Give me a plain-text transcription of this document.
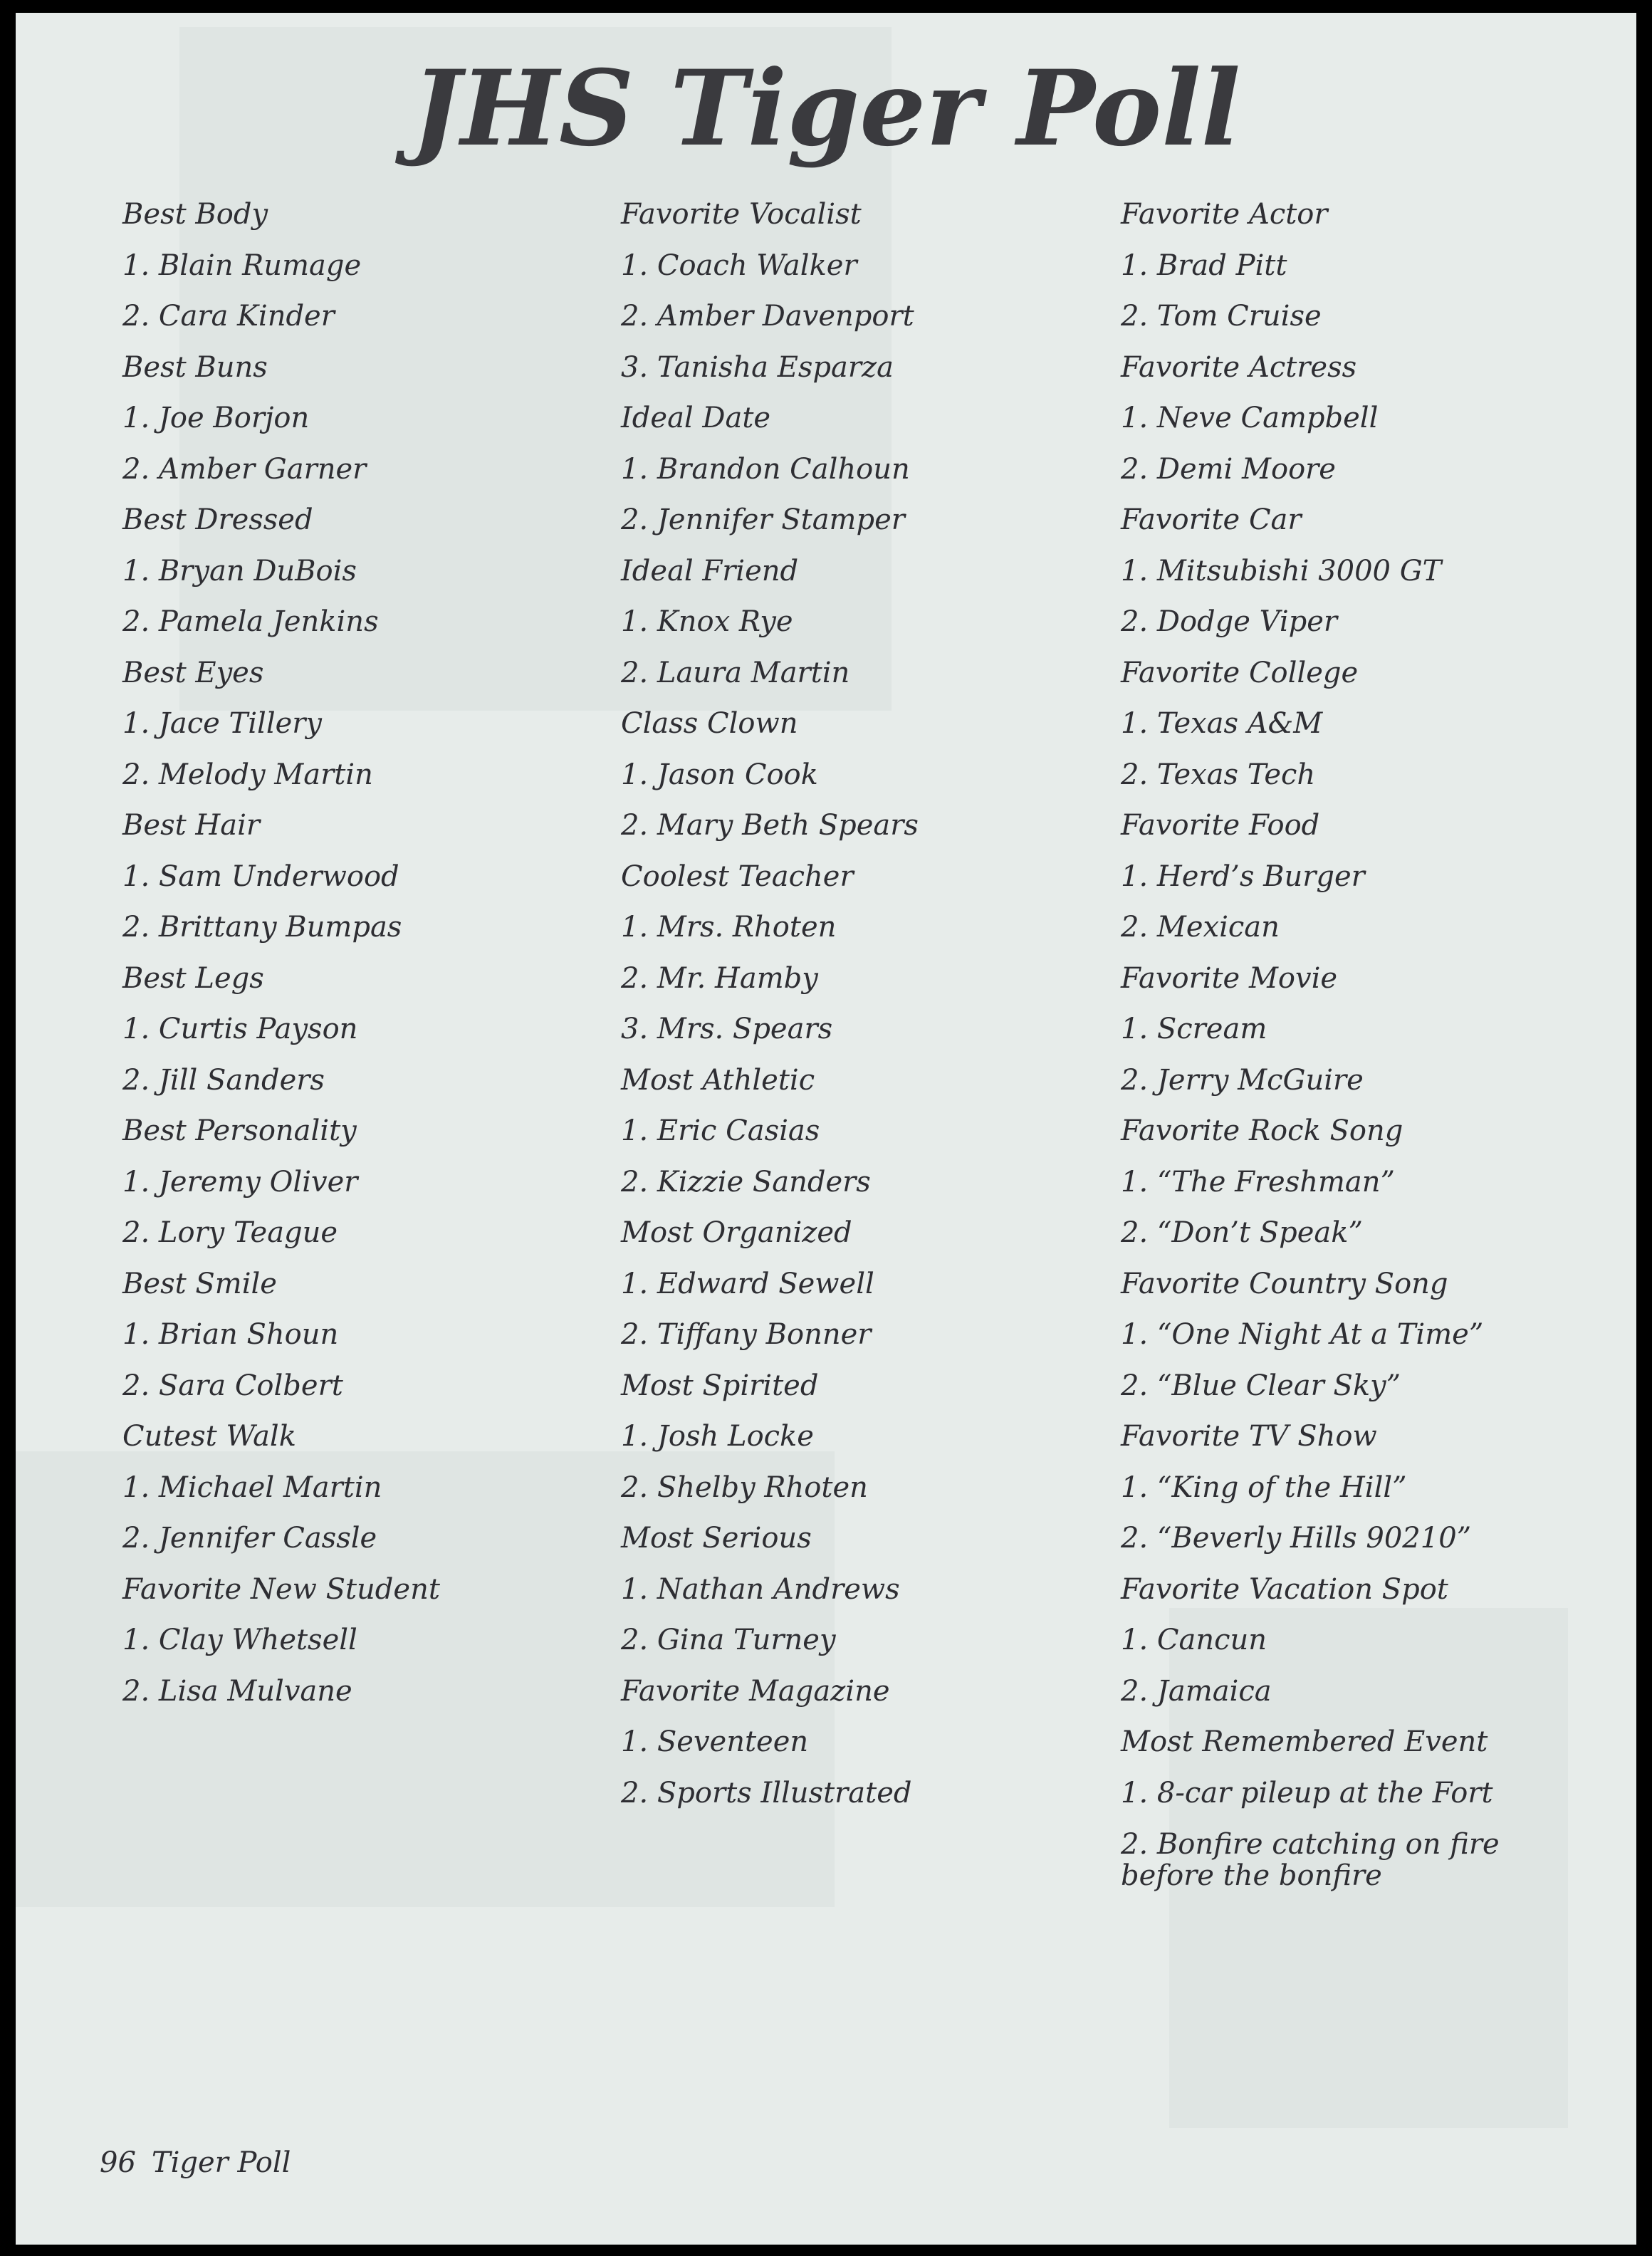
JHS Tiger Poll
Best Body
1. Blain Rumage
2. Cara Kinder
Best Buns
1. Joe Borjon
2. Amber Garner
Best Dressed
1. Bryan DuBois
2. Pamela Jenkins
Best Eyes
1. Jace Tillery
2. Melody Martin
Best Hair
1. Sam Underwood
2. Brittany Bumpas
Best Legs
1. Curtis Payson
2. Jill Sanders
Best Personality
1. Jeremy Oliver
2. Lory Teague
Best Smile
1. Brian Shoun
2. Sara Colbert
Cutest Walk
1. Michael Martin
2. Jennifer Cassle
Favorite New Student
1. Clay Whetsell
2. Lisa Mulvane
Favorite Vocalist
1. Coach Walker
2. Amber Davenport
3. Tanisha Esparza
Ideal Date
1. Brandon Calhoun
2. Jennifer Stamper
Ideal Friend
1. Knox Rye
2. Laura Martin
Class Clown
1. Jason Cook
2. Mary Beth Spears
Coolest Teacher
1. Mrs. Rhoten
2. Mr. Hamby
3. Mrs. Spears
Most Athletic
1. Eric Casias
2. Kizzie Sanders
Most Organized
1. Edward Sewell
2. Tiffany Bonner
Most Spirited
1. Josh Locke
2. Shelby Rhoten
Most Serious
1. Nathan Andrews
2. Gina Turney
Favorite Magazine
1. Seventeen
2. Sports Illustrated
Favorite Actor
1. Brad Pitt
2. Tom Cruise
Favorite Actress
1. Neve Campbell
2. Demi Moore
Favorite Car
1. Mitsubishi 3000 GT
2. Dodge Viper
Favorite College
1. Texas A&M
2. Texas Tech
Favorite Food
1. Herd’s Burger
2. Mexican
Favorite Movie
1. Scream
2. Jerry McGuire
Favorite Rock Song
1. “The Freshman”
2. “Don’t Speak”
Favorite Country Song
1. “One Night At a Time”
2. “Blue Clear Sky”
Favorite TV Show
1. “King of the Hill”
2. “Beverly Hills 90210”
Favorite Vacation Spot
1. Cancun
2. Jamaica
Most Remembered Event
1. 8-car pileup at the Fort
2. Bonfire catching on fire before the bonfire
96 Tiger Poll
